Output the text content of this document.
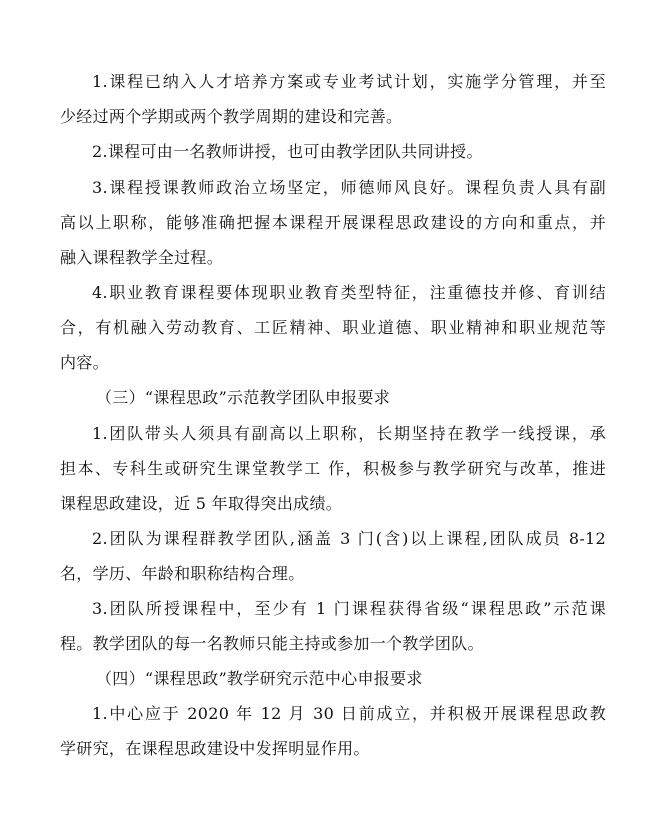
1.课程已纳入人才培养方案或专业考试计划，实施学分管理，并至
少经过两个学期或两个教学周期的建设和完善。
2.课程可由一名教师讲授，也可由教学团队共同讲授。
3.课程授课教师政治立场坚定，师德师风良好。课程负责人具有副
高以上职称，能够准确把握本课程开展课程思政建设的方向和重点，并
融入课程教学全过程。
4.职业教育课程要体现职业教育类型特征，注重德技并修、育训结
合，有机融入劳动教育、工匠精神、职业道德、职业精神和职业规范等
内容。
（三）“课程思政”示范教学团队申报要求
1.团队带头人须具有副高以上职称，长期坚持在教学一线授课，承
担本、专科生或研究生课堂教学工 作，积极参与教学研究与改革，推进
课程思政建设，近 5 年取得突出成绩。
2.团队为课程群教学团队,涵盖 3 门(含)以上课程,团队成员 8-12
名，学历、年龄和职称结构合理。
3.团队所授课程中，至少有 1 门课程获得省级“课程思政”示范课
程。教学团队的每一名教师只能主持或参加一个教学团队。
（四）“课程思政”教学研究示范中心申报要求
1.中心应于 2020 年 12 月 30 日前成立，并积极开展课程思政教
学研究，在课程思政建设中发挥明显作用。
